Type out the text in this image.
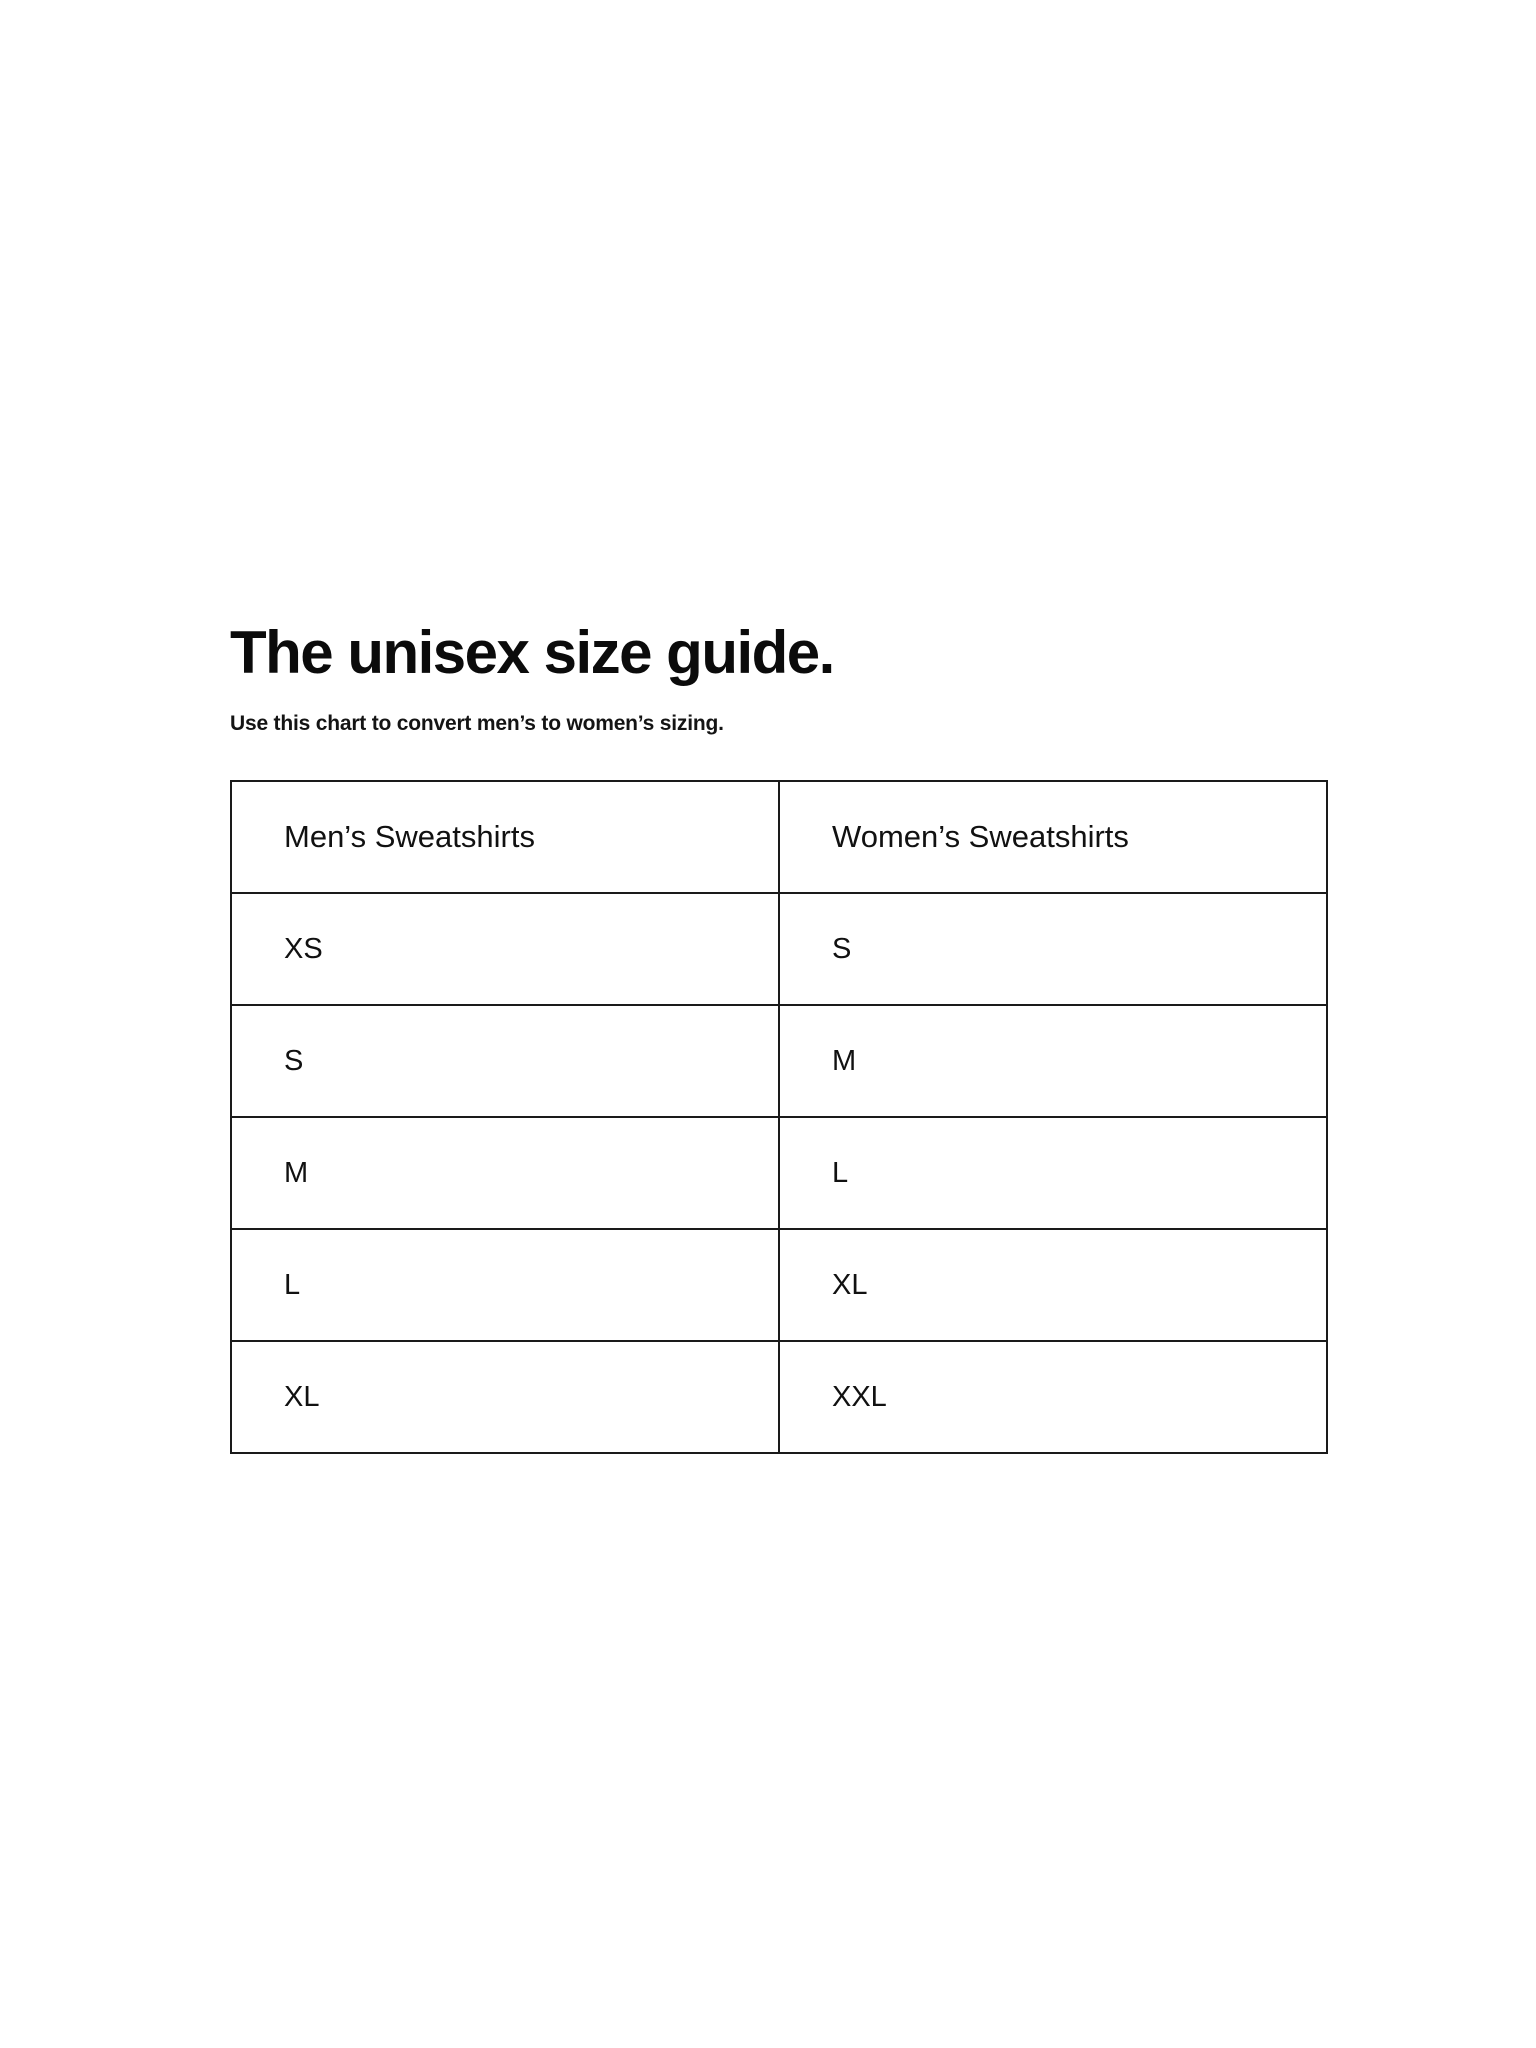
The unisex size guide.

Use this chart to convert men’s to women’s sizing.

Men’s Sweatshirts	Women’s Sweatshirts
XS	S
S	M
M	L
L	XL
XL	XXL
